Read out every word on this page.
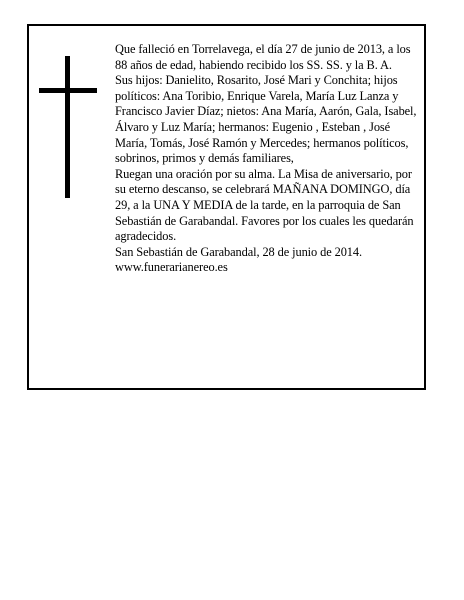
Que falleció en Torrelavega, el día 27 de junio de 2013, a los 88 años de edad, habiendo recibido los SS. SS. y la B. A.

Sus hijos: Danielito, Rosarito, José Mari y Conchita; hijos políticos: Ana Toribio, Enrique Varela, María Luz Lanza y Francisco Javier Díaz; nietos: Ana María, Aarón, Gala, Isabel, Álvaro y Luz María; hermanos: Eugenio , Esteban , José María, Tomás, José Ramón y Mercedes; hermanos políticos, sobrinos, primos y demás familiares,

Ruegan una oración por su alma. La Misa de aniversario, por su eterno descanso, se celebrará MAÑANA DOMINGO, día 29, a la UNA Y MEDIA de la tarde, en la parroquia de San Sebastián de Garabandal. Favores por los cuales les quedarán agradecidos.

San Sebastián de Garabandal, 28 de junio de 2014.

www.funerarianereo.es
